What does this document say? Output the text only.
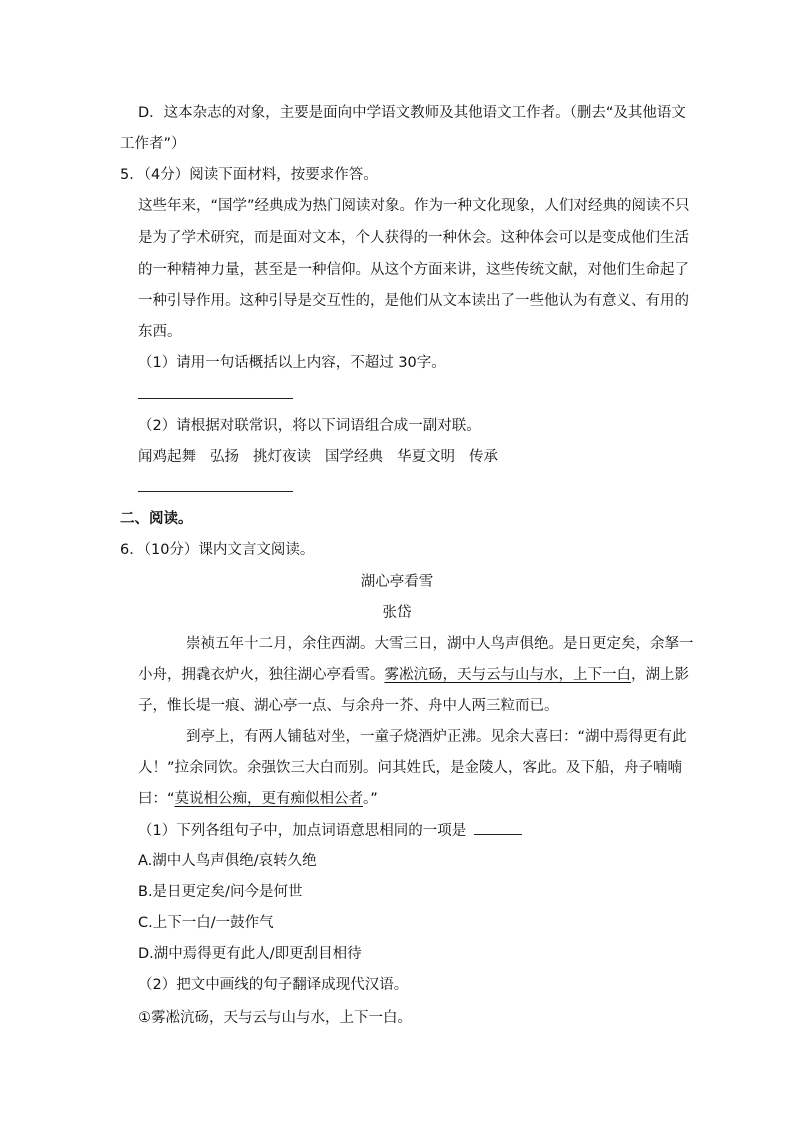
D．这本杂志的对象，主要是面向中学语文教师及其他语文工作者。（删去“及其他语文
工作者”）
5．（4分）阅读下面材料，按要求作答。
这些年来，“国学”经典成为热门阅读对象。作为一种文化现象，人们对经典的阅读不只
是为了学术研究，而是面对文本，个人获得的一种休会。这种体会可以是变成他们生活
的一种精神力量，甚至是一种信仰。从这个方面来讲，这些传统文献，对他们生命起了
一种引导作用。这种引导是交互性的，是他们从文本读出了一些他认为有意义、有用的
东西。
（1）请用一句话概括以上内容，不超过 30字。
（2）请根据对联常识，将以下词语组合成一副对联。
闻鸡起舞 弘扬 挑灯夜读 国学经典 华夏文明 传承
二、阅读。
6．（10分）课内文言文阅读。
湖心亭看雪
张岱
崇祯五年十二月，余住西湖。大雪三日，湖中人鸟声俱绝。是日更定矣，余拏一
小舟，拥毳衣炉火，独往湖心亭看雪。雾凇沆砀，天与云与山与水，上下一白，湖上影
子，惟长堤一痕、湖心亭一点、与余舟一芥、舟中人两三粒而已。
到亭上，有两人铺毡对坐，一童子烧酒炉正沸。见余大喜曰：“湖中焉得更有此
人！”拉余同饮。余强饮三大白而别。问其姓氏，是金陵人，客此。及下船，舟子喃喃
曰：“莫说相公痴，更有痴似相公者。”
（1）下列各组句子中，加点词语意思相同的一项是
A.湖中人鸟声俱绝/哀转久绝
B.是日更定矣/问今是何世
C.上下一白/一鼓作气
D.湖中焉得更有此人/即更刮目相待
（2）把文中画线的句子翻译成现代汉语。
①雾凇沆砀，天与云与山与水，上下一白。
